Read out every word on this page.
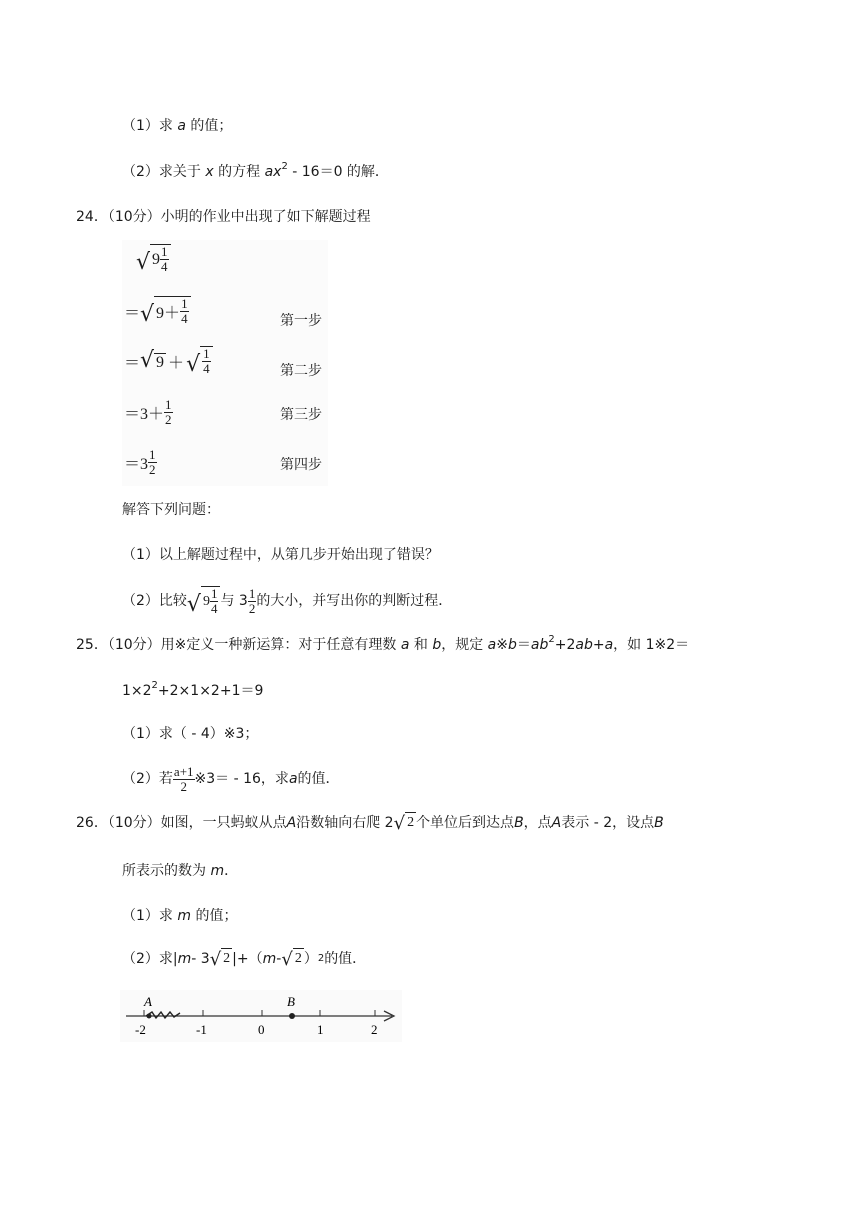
（1）求 a 的值；
（2）求关于 x 的方程 $ax^2 - 16=0$ 的解．
24．（10分）小明的作业中出现了如下解题过程
√ $9 \frac{1}{4}$
＝ √ $9+ \frac{1}{4}$	第一步
＝ √ 9 ＋ √ $\frac{1}{4}$	第二步
$=3+ \frac{1}{2}$	第三步
$=3 \frac{1}{2}$	第四步
解答下列问题：
（1）以上解题过程中，从第几步开始出现了错误？
（2）比较 √ $9 \frac{1}{4}$ 与 $3 \frac{1}{2}$ 的大小，并写出你的判断过程．
25．（10分）用※定义一种新运算：对于任意有理数 a 和 b，规定 $a※b=ab^2+2ab+a$，如 1※2＝
$1\times 2^2+2\times 1\times 2+1=9$
（1）求（ - 4）※3；
（2）若 $\frac{a+1}{2}$ ※3＝ - 16，求 a 的值．
26．（10分）如图，一只蚂蚁从点 A 沿数轴向右爬 2 √ 2 个单位后到达点 B ，点 A 表示 - 2，设点 B
所表示的数为 m．
（1）求 m 的值；
（2）求| m - 3 √ 2 |+（ m - √ 2 ） 2 的值．
A	B
-2	-1	0	1	2
